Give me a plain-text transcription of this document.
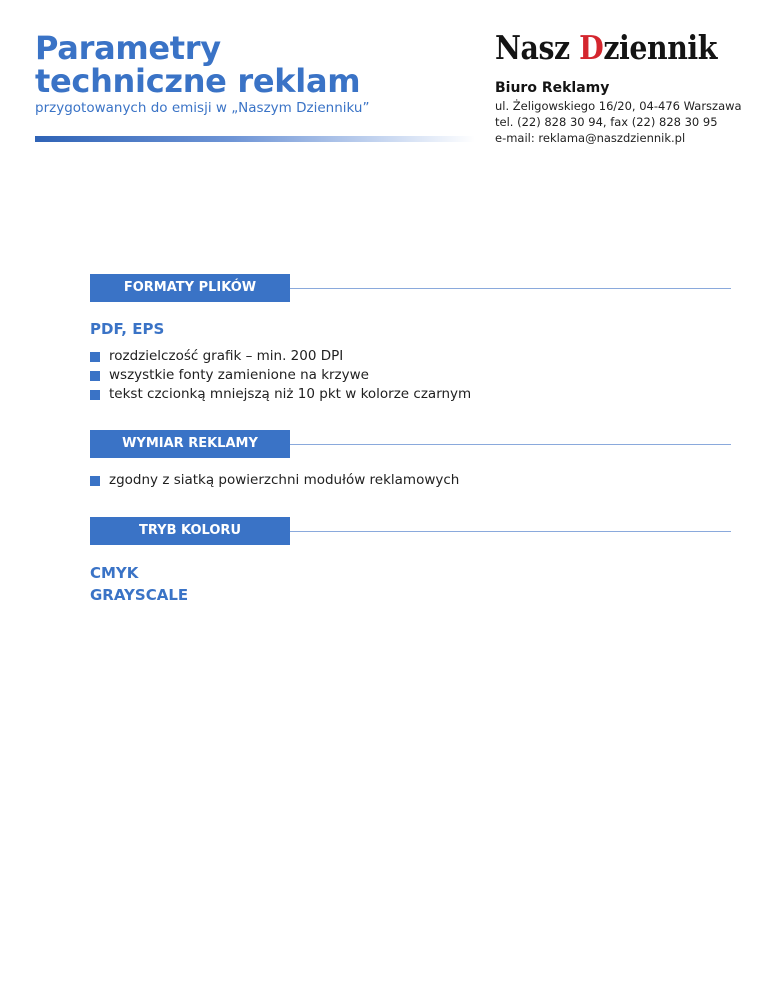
Parametry
techniczne reklam
przygotowanych do emisji w „Naszym Dzienniku”
Nasz Dziennik
Biuro Reklamy
ul. Żeligowskiego 16/20, 04-476 Warszawa
tel. (22) 828 30 94, fax (22) 828 30 95
e-mail: reklama@naszdziennik.pl
FORMATY PLIKÓW
PDF, EPS
rozdzielczość grafik – min. 200 DPI
wszystkie fonty zamienione na krzywe
tekst czcionką mniejszą niż 10 pkt w kolorze czarnym
WYMIAR REKLAMY
zgodny z siatką powierzchni modułów reklamowych
TRYB KOLORU
CMYK
GRAYSCALE
